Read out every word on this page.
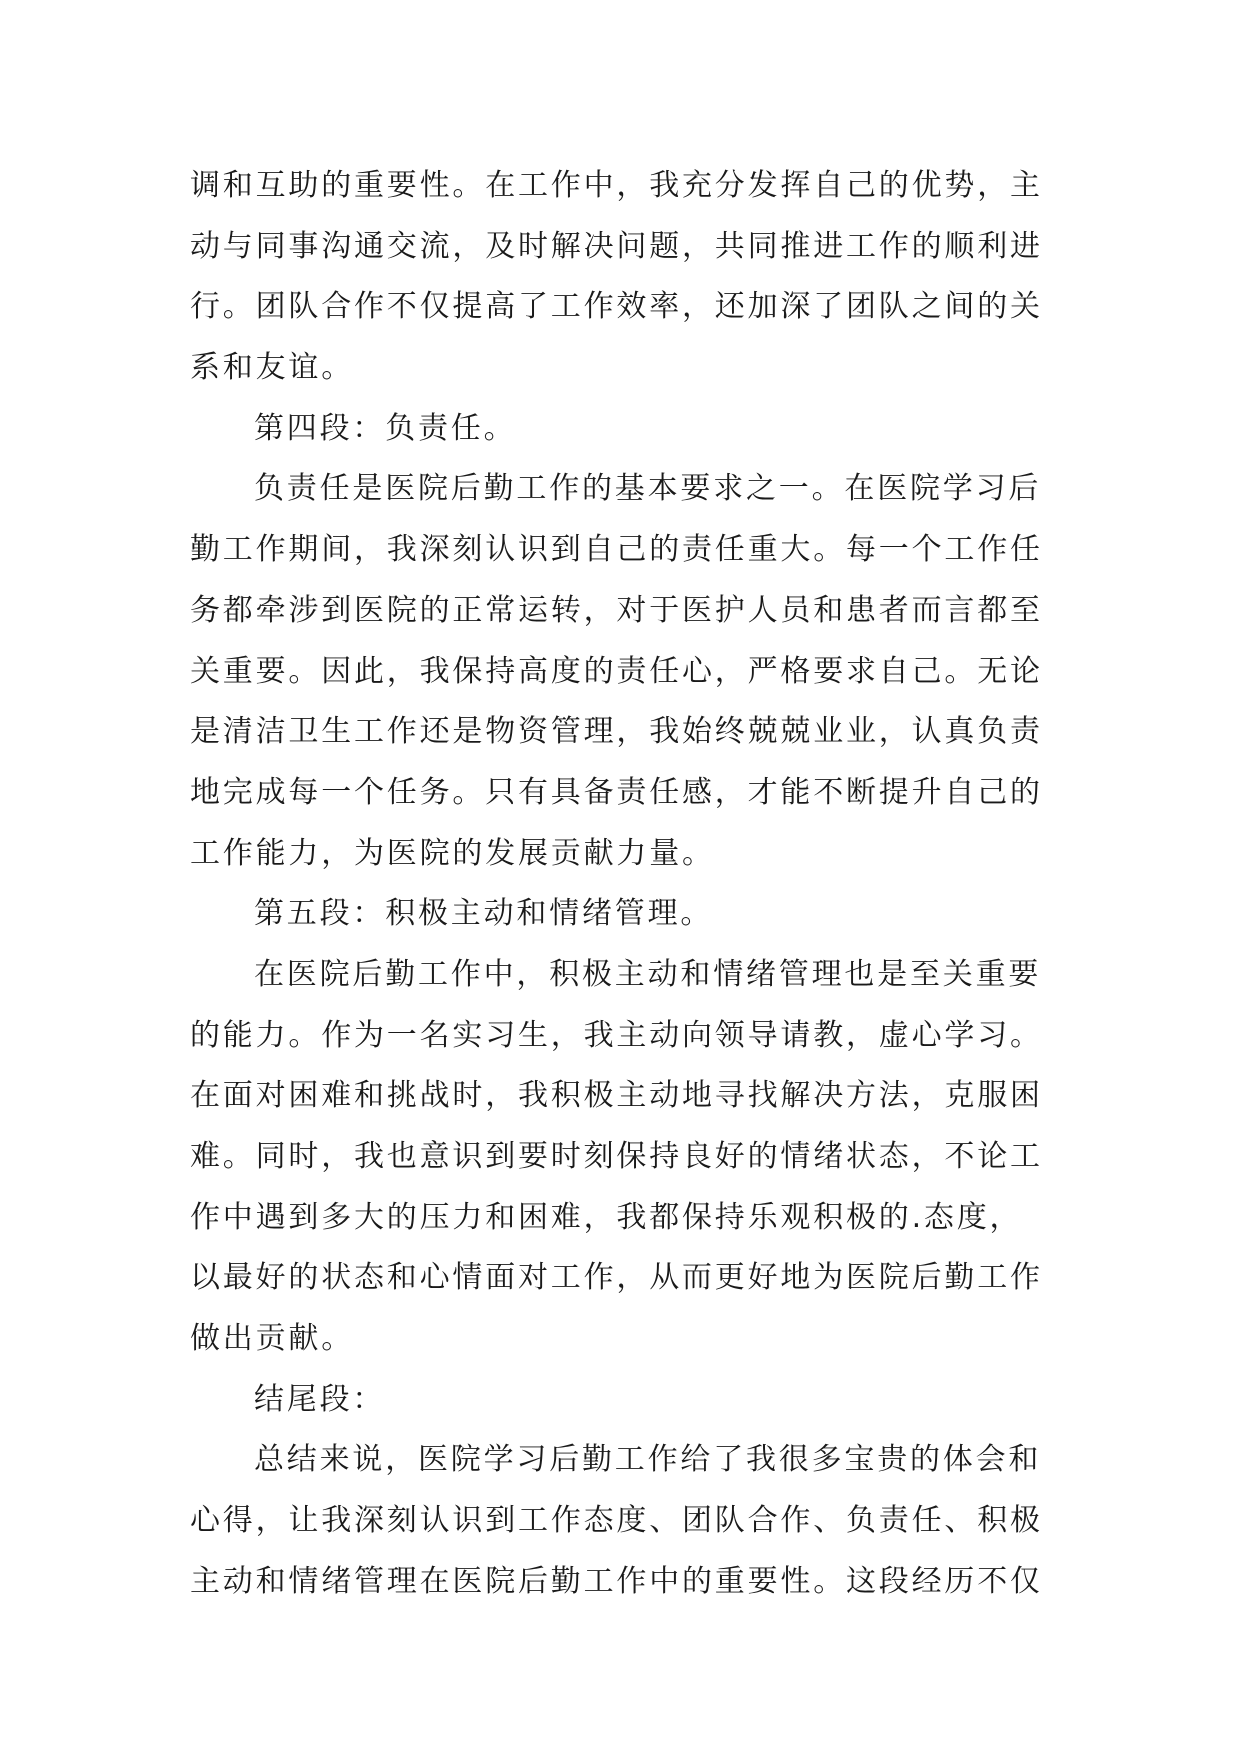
调和互助的重要性。在工作中，我充分发挥自己的优势，主
动与同事沟通交流，及时解决问题，共同推进工作的顺利进
行。团队合作不仅提高了工作效率，还加深了团队之间的关
系和友谊。
第四段：负责任。
负责任是医院后勤工作的基本要求之一。在医院学习后
勤工作期间，我深刻认识到自己的责任重大。每一个工作任
务都牵涉到医院的正常运转，对于医护人员和患者而言都至
关重要。因此，我保持高度的责任心，严格要求自己。无论
是清洁卫生工作还是物资管理，我始终兢兢业业，认真负责
地完成每一个任务。只有具备责任感，才能不断提升自己的
工作能力，为医院的发展贡献力量。
第五段：积极主动和情绪管理。
在医院后勤工作中，积极主动和情绪管理也是至关重要
的能力。作为一名实习生，我主动向领导请教，虚心学习。
在面对困难和挑战时，我积极主动地寻找解决方法，克服困
难。同时，我也意识到要时刻保持良好的情绪状态，不论工
作中遇到多大的压力和困难，我都保持乐观积极的.态度，
以最好的状态和心情面对工作，从而更好地为医院后勤工作
做出贡献。
结尾段：
总结来说，医院学习后勤工作给了我很多宝贵的体会和
心得，让我深刻认识到工作态度、团队合作、负责任、积极
主动和情绪管理在医院后勤工作中的重要性。这段经历不仅
